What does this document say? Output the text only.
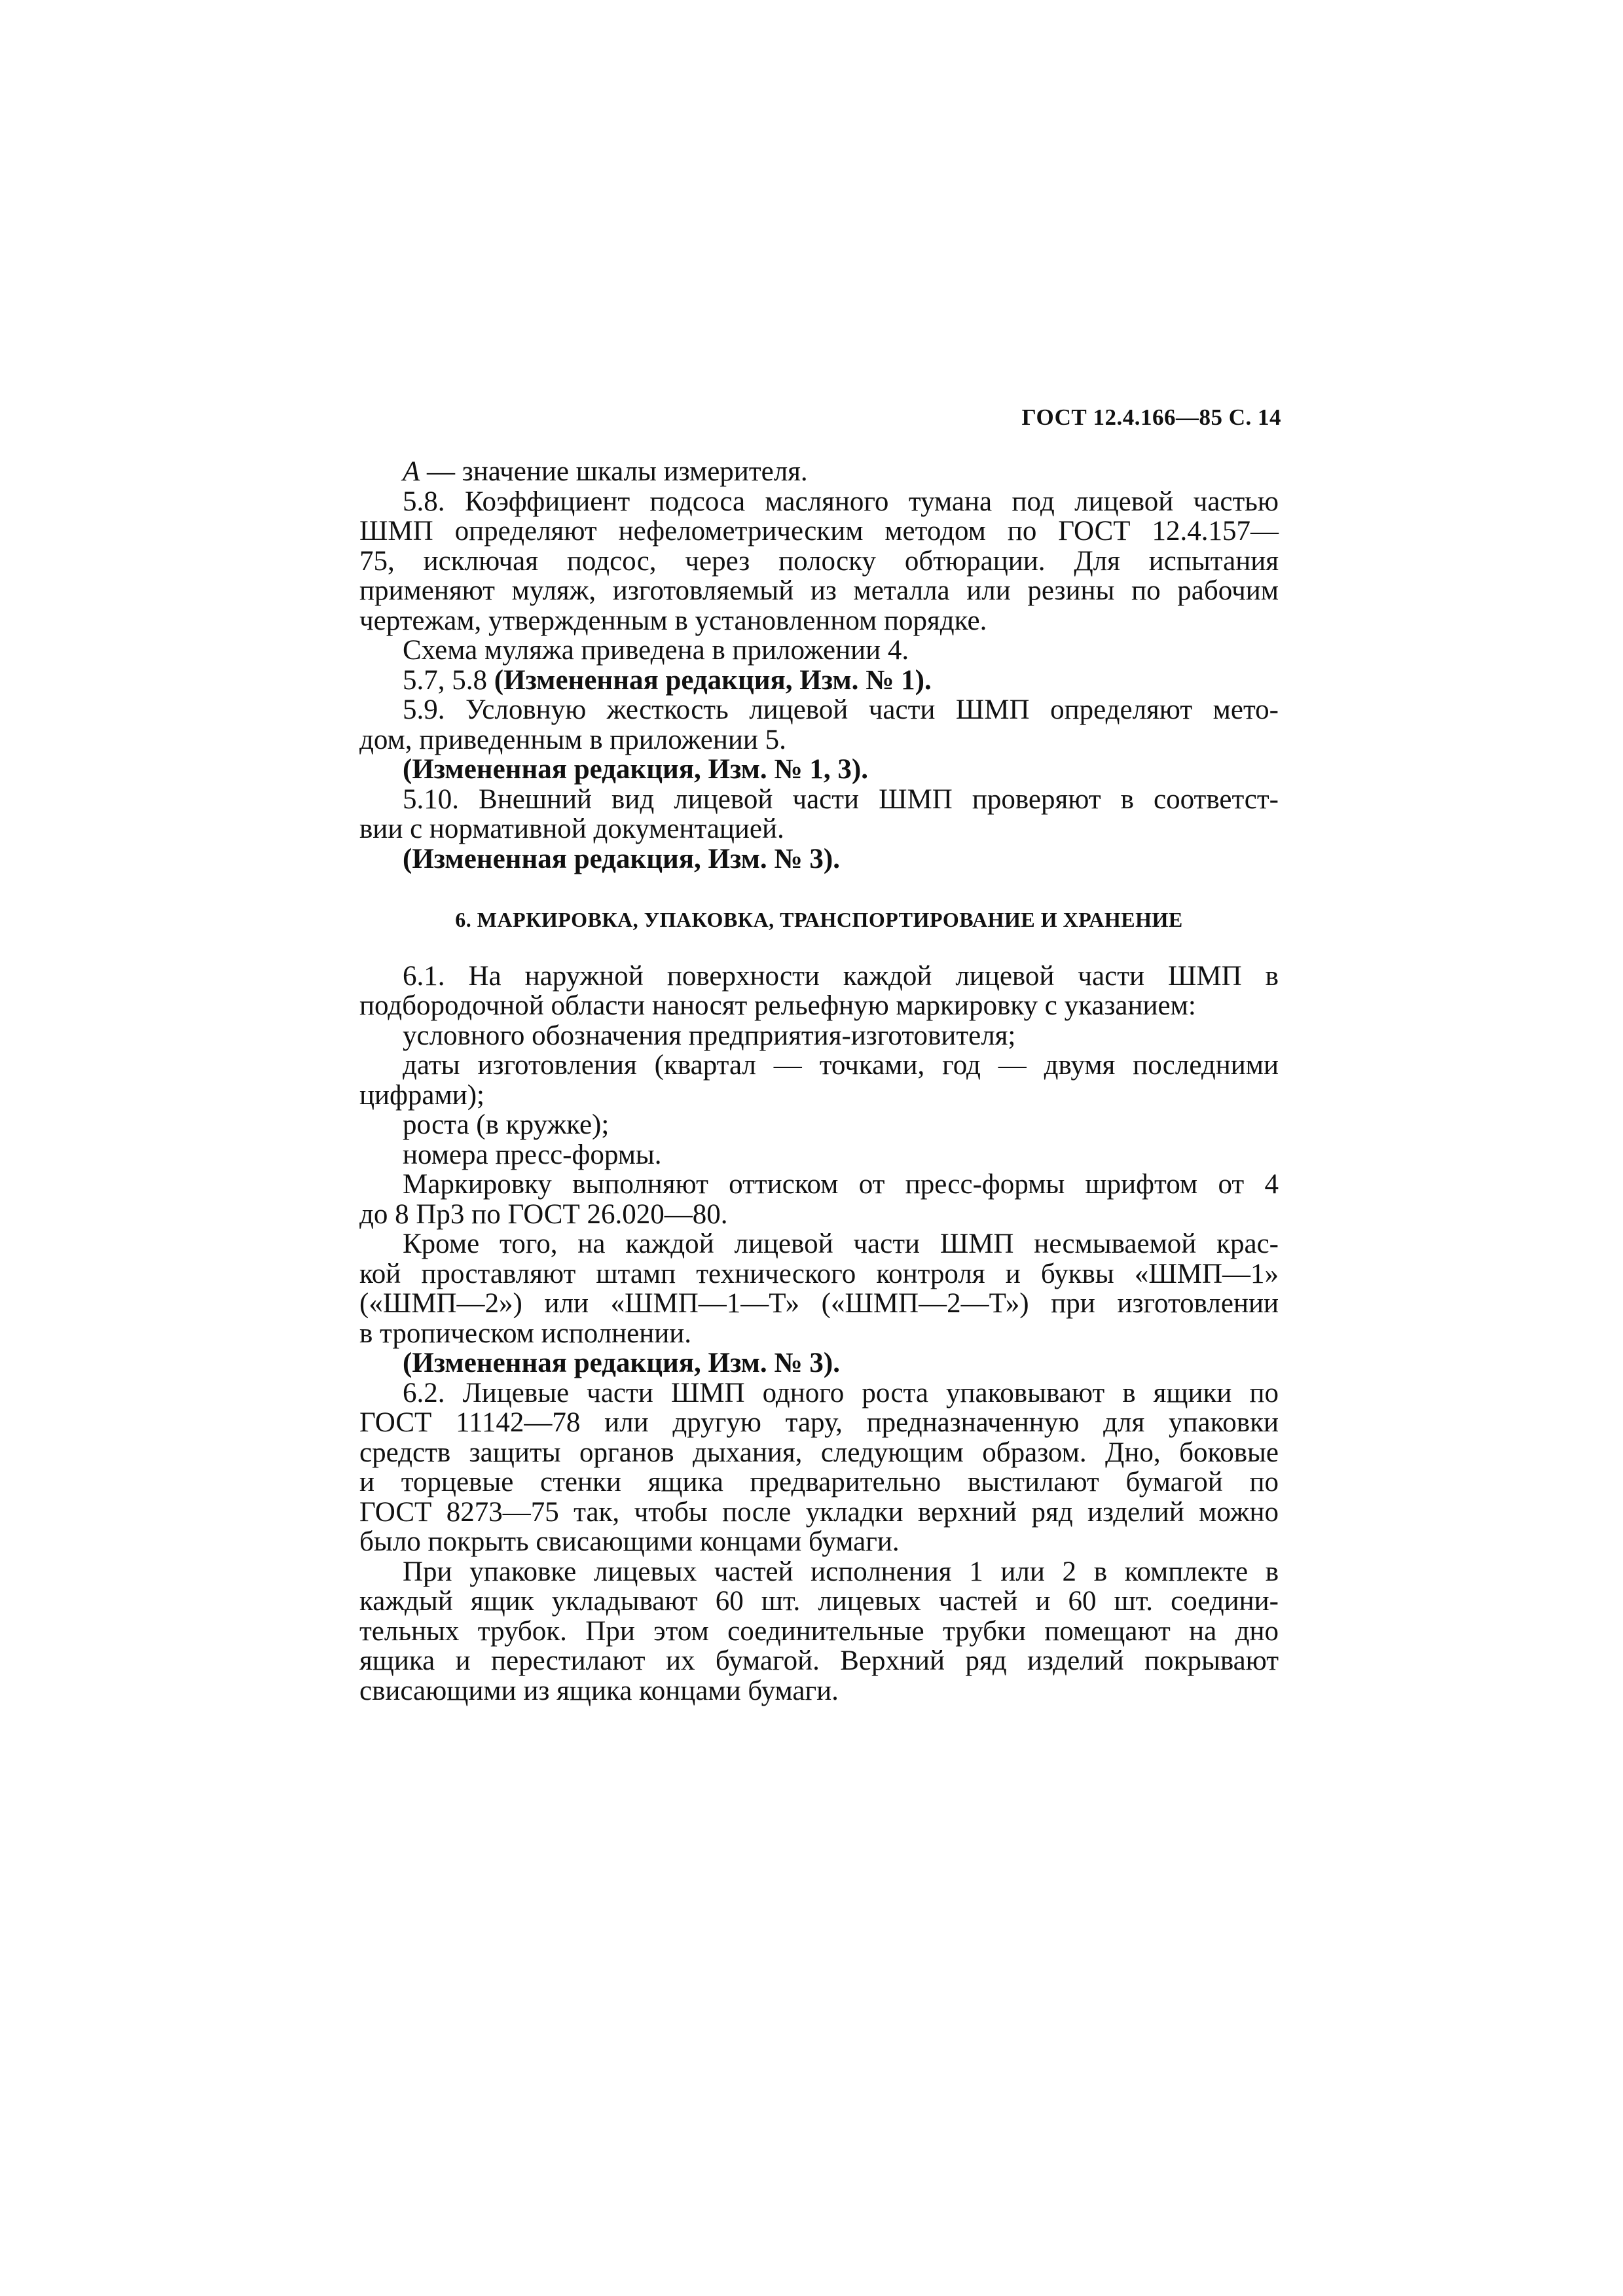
ГОСТ 12.4.166—85 С. 14

А — значение шкалы измерителя.

5.8. Коэффициент подсоса масляного тумана под лицевой частью
ШМП определяют нефелометрическим методом по ГОСТ 12.4.157—
75, исключая подсос, через полоску обтюрации. Для испытания
применяют муляж, изготовляемый из металла или резины по рабочим
чертежам, утвержденным в установленном порядке.

Схема муляжа приведена в приложении 4.

5.7, 5.8 (Измененная редакция, Изм. № 1).

5.9. Условную жесткость лицевой части ШМП определяют мето-
дом, приведенным в приложении 5.

(Измененная редакция, Изм. № 1, 3).

5.10. Внешний вид лицевой части ШМП проверяют в соответст-
вии с нормативной документацией.

(Измененная редакция, Изм. № 3).

6. МАРКИРОВКА, УПАКОВКА, ТРАНСПОРТИРОВАНИЕ И ХРАНЕНИЕ

6.1. На наружной поверхности каждой лицевой части ШМП в
подбородочной области наносят рельефную маркировку с указанием:

условного обозначения предприятия-изготовителя;

даты изготовления (квартал — точками, год — двумя последними
цифрами);

роста (в кружке);

номера пресс-формы.

Маркировку выполняют оттиском от пресс-формы шрифтом от 4
до 8 Пр3 по ГОСТ 26.020—80.

Кроме того, на каждой лицевой части ШМП несмываемой крас-
кой проставляют штамп технического контроля и буквы «ШМП—1»
(«ШМП—2») или «ШМП—1—Т» («ШМП—2—Т») при изготовлении
в тропическом исполнении.

(Измененная редакция, Изм. № 3).

6.2. Лицевые части ШМП одного роста упаковывают в ящики по
ГОСТ 11142—78 или другую тару, предназначенную для упаковки
средств защиты органов дыхания, следующим образом. Дно, боковые
и торцевые стенки ящика предварительно выстилают бумагой по
ГОСТ 8273—75 так, чтобы после укладки верхний ряд изделий можно
было покрыть свисающими концами бумаги.

При упаковке лицевых частей исполнения 1 или 2 в комплекте в
каждый ящик укладывают 60 шт. лицевых частей и 60 шт. соедини-
тельных трубок. При этом соединительные трубки помещают на дно
ящика и перестилают их бумагой. Верхний ряд изделий покрывают
свисающими из ящика концами бумаги.
